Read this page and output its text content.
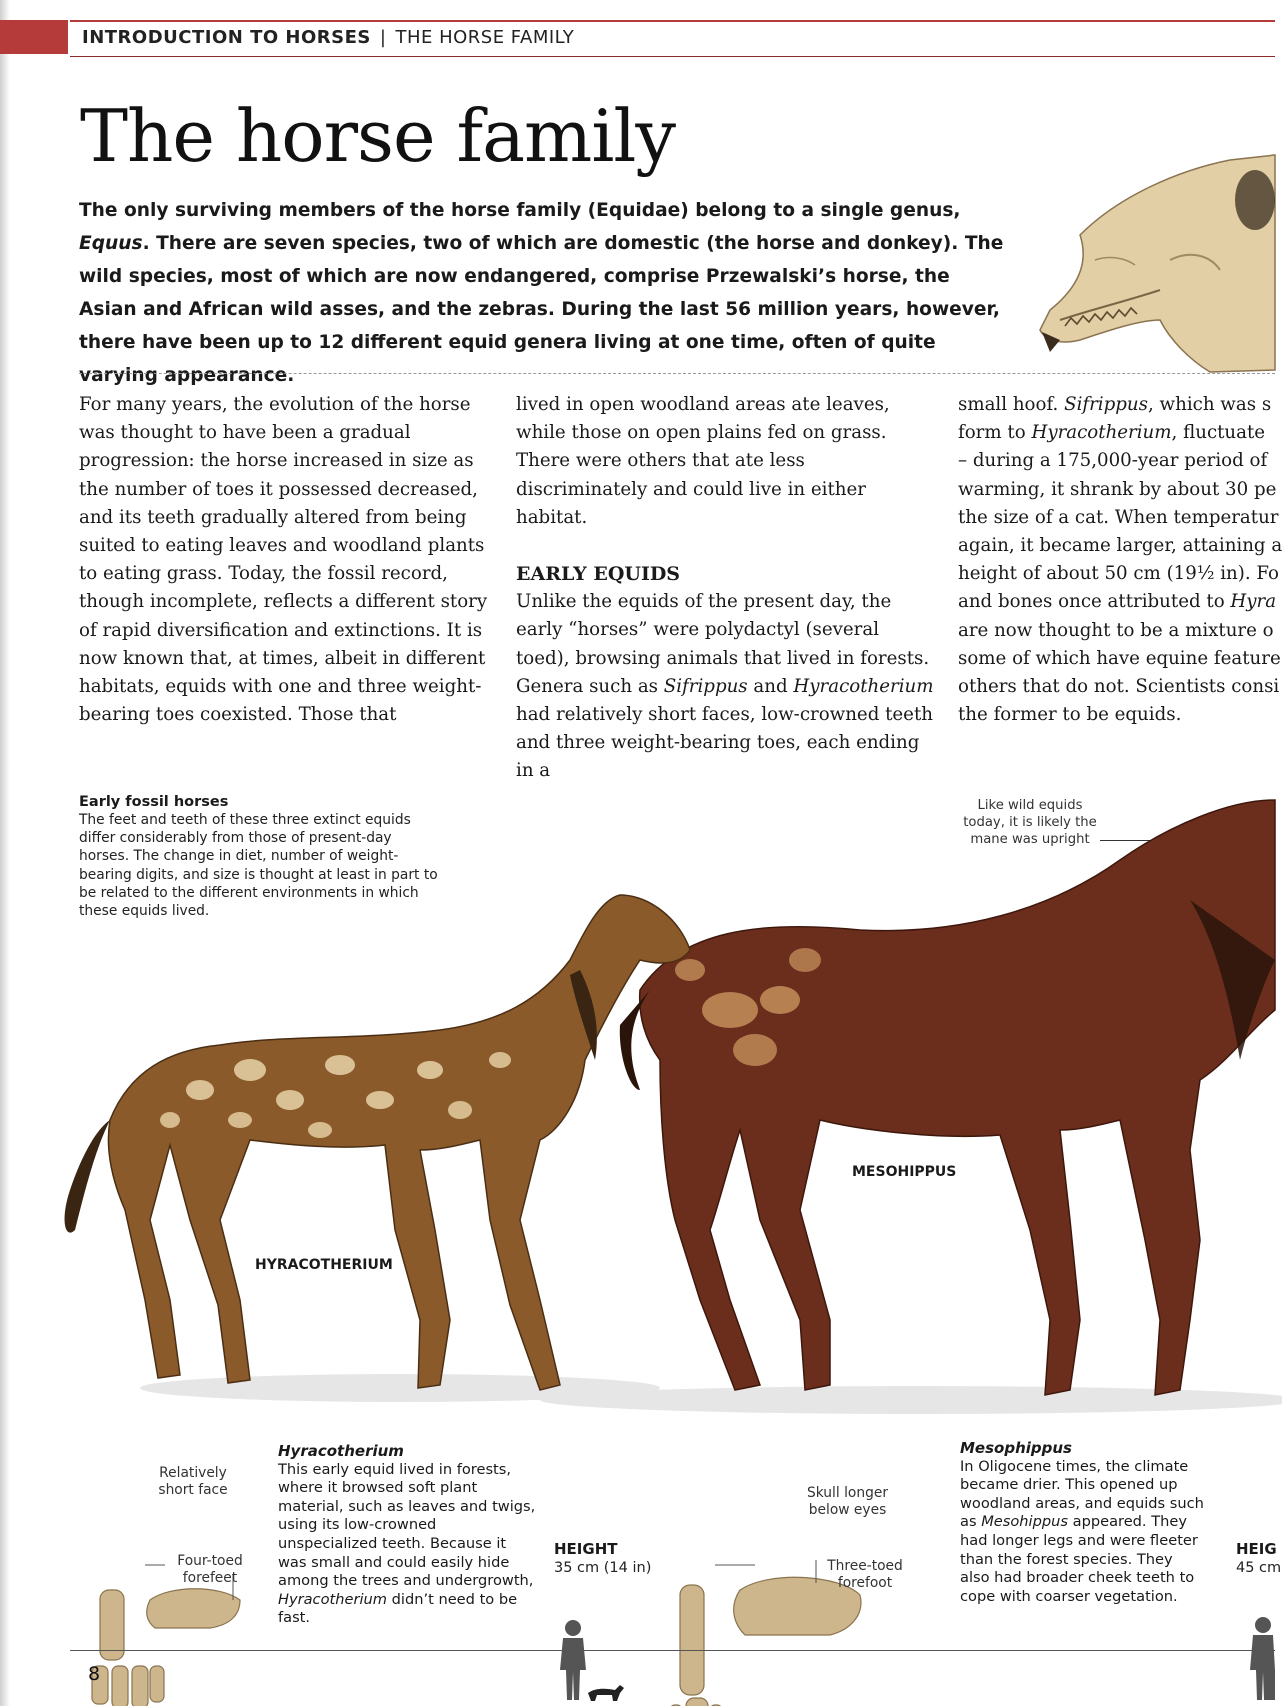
INTRODUCTION TO HORSES | THE HORSE FAMILY
The horse family
The only surviving members of the horse family (Equidae) belong to a single genus, Equus. There are seven species, two of which are domestic (the horse and donkey). The wild species, most of which are now endangered, comprise Przewalski’s horse, the Asian and African wild asses, and the zebras. During the last 56 million years, however, there have been up to 12 different equid genera living at one time, often of quite varying appearance.

For many years, the evolution of the horse was thought to have been a gradual progression: the horse increased in size as the number of toes it possessed decreased, and its teeth gradually altered from being suited to eating leaves and woodland plants to eating grass. Today, the fossil record, though incomplete, reflects a different story of rapid diversification and extinctions. It is now known that, at times, albeit in different habitats, equids with one and three weight-bearing toes coexisted. Those that

lived in open woodland areas ate leaves, while those on open plains fed on grass. There were others that ate less discriminately and could live in either habitat.

EARLY EQUIDS

Unlike the equids of the present day, the early “horses” were polydactyl (several toed), browsing animals that lived in forests. Genera such as Sifrippus and Hyracotherium had relatively short faces, low-crowned teeth and three weight-bearing toes, each ending in a

small hoof. Sifrippus, which was s
form to Hyracotherium, fluctuate
– during a 175,000-year period of
warming, it shrank by about 30 pe
the size of a cat. When temperatur
again, it became larger, attaining a
height of about 50 cm (19½ in). Fo
and bones once attributed to Hyra
are now thought to be a mixture o
some of which have equine feature
others that do not. Scientists consi
the former to be equids.
Early fossil horses
The feet and teeth of these three extinct equids differ considerably from those of present-day horses. The change in diet, number of weight-bearing digits, and size is thought at least in part to be related to the different environments in which these equids lived.
Like wild equids today, it is likely the mane was upright
HYRACOTHERIUM
MESOHIPPUS
Relatively short face
Four-toed forefeet
Skull longer below eyes
Three-toed forefoot
Hyracotherium
This early equid lived in forests, where it browsed soft plant material, such as leaves and twigs, using its low-crowned unspecialized teeth. Because it was small and could easily hide among the trees and undergrowth, Hyracotherium didn’t need to be fast.
HEIGHT
35 cm (14 in)
Mesophippus
In Oligocene times, the climate became drier. This opened up woodland areas, and equids such as Mesohippus appeared. They had longer legs and were fleeter than the forest species. They also had broader cheek teeth to cope with coarser vegetation.
HEIG
45 cm
8
